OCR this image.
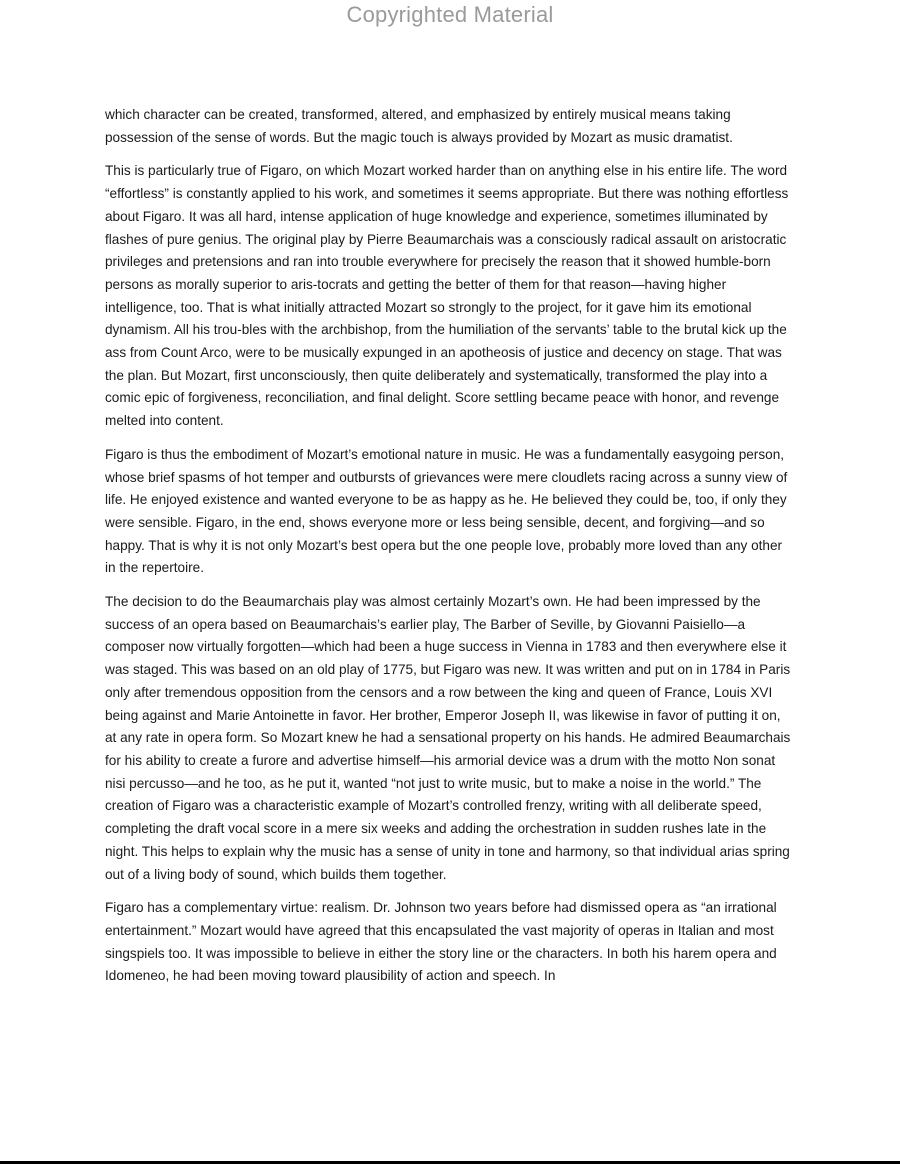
Copyrighted Material

which character can be created, transformed, altered, and emphasized by entirely musical means taking possession of the sense of words. But the magic touch is always provided by Mozart as music dramatist.

This is particularly true of Figaro, on which Mozart worked harder than on anything else in his entire life. The word “effortless” is constantly applied to his work, and sometimes it seems appropriate. But there was nothing effortless about Figaro. It was all hard, intense application of huge knowledge and experience, sometimes illuminated by flashes of pure genius. The original play by Pierre Beaumarchais was a consciously radical assault on aristocratic privileges and pretensions and ran into trouble everywhere for precisely the reason that it showed humble-born persons as morally superior to aris-tocrats and getting the better of them for that reason—having higher intelligence, too. That is what initially attracted Mozart so strongly to the project, for it gave him its emotional dynamism. All his trou-bles with the archbishop, from the humiliation of the servants’ table to the brutal kick up the ass from Count Arco, were to be musically expunged in an apotheosis of justice and decency on stage. That was the plan. But Mozart, first unconsciously, then quite deliberately and systematically, transformed the play into a comic epic of forgiveness, reconciliation, and final delight. Score settling became peace with honor, and revenge melted into content.

Figaro is thus the embodiment of Mozart’s emotional nature in music. He was a fundamentally easygoing person, whose brief spasms of hot temper and outbursts of grievances were mere cloudlets racing across a sunny view of life. He enjoyed existence and wanted everyone to be as happy as he. He believed they could be, too, if only they were sensible. Figaro, in the end, shows everyone more or less being sensible, decent, and forgiving—and so happy. That is why it is not only Mozart’s best opera but the one people love, probably more loved than any other in the repertoire.

The decision to do the Beaumarchais play was almost certainly Mozart’s own. He had been impressed by the success of an opera based on Beaumarchais’s earlier play, The Barber of Seville, by Giovanni Paisiello—a composer now virtually forgotten—which had been a huge success in Vienna in 1783 and then everywhere else it was staged. This was based on an old play of 1775, but Figaro was new. It was written and put on in 1784 in Paris only after tremendous opposition from the censors and a row between the king and queen of France, Louis XVI being against and Marie Antoinette in favor. Her brother, Emperor Joseph II, was likewise in favor of putting it on, at any rate in opera form. So Mozart knew he had a sensational property on his hands. He admired Beaumarchais for his ability to create a furore and advertise himself—his armorial device was a drum with the motto Non sonat nisi percusso—and he too, as he put it, wanted “not just to write music, but to make a noise in the world.” The creation of Figaro was a characteristic example of Mozart’s controlled frenzy, writing with all deliberate speed, completing the draft vocal score in a mere six weeks and adding the orchestration in sudden rushes late in the night. This helps to explain why the music has a sense of unity in tone and harmony, so that individual arias spring out of a living body of sound, which builds them together.

Figaro has a complementary virtue: realism. Dr. Johnson two years before had dismissed opera as “an irrational entertainment.” Mozart would have agreed that this encapsulated the vast majority of operas in Italian and most singspiels too. It was impossible to believe in either the story line or the characters. In both his harem opera and Idomeneo, he had been moving toward plausibility of action and speech. In
